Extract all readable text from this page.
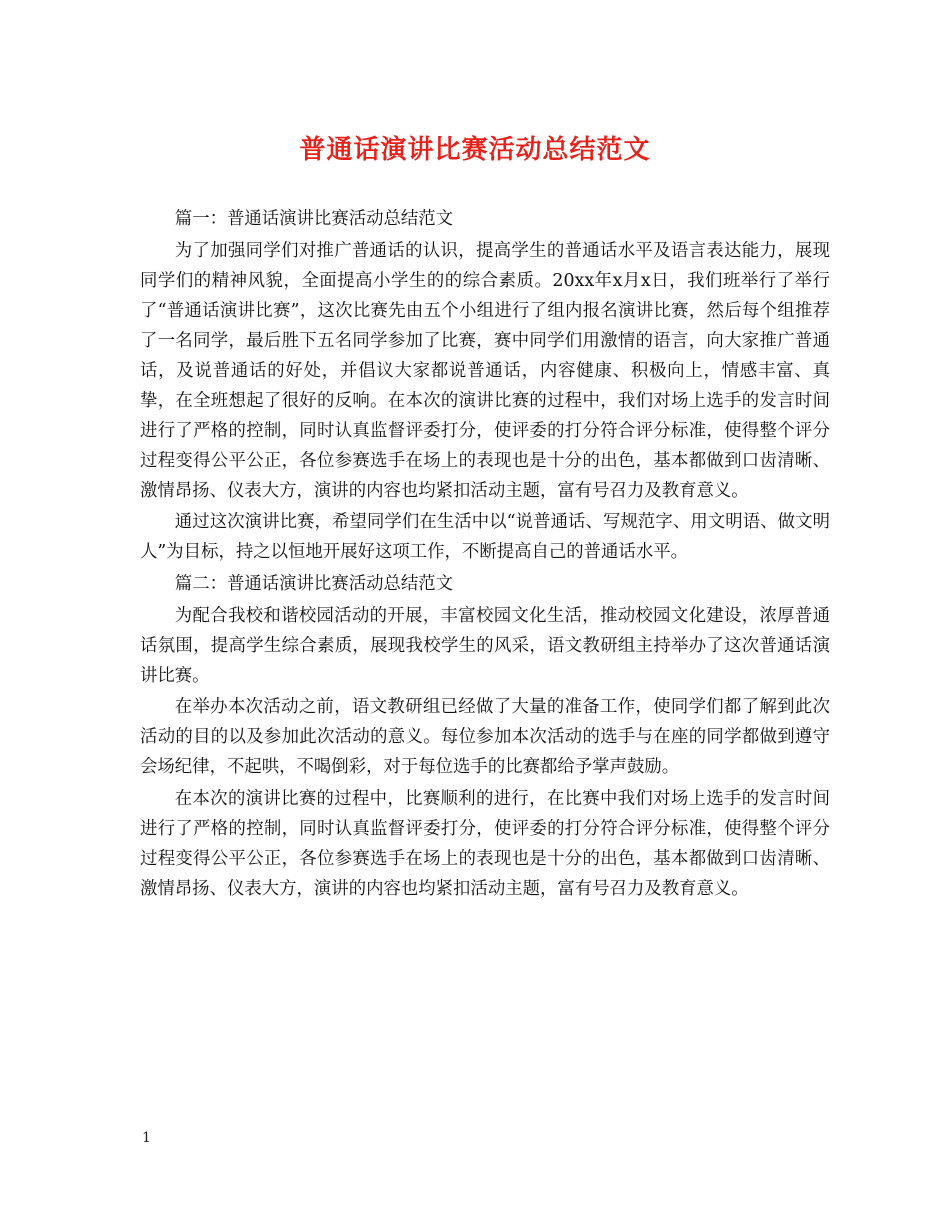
普通话演讲比赛活动总结范文

篇一：普通话演讲比赛活动总结范文

为了加强同学们对推广普通话的认识，提高学生的普通话水平及语言表达能力，展现同学们的精神风貌，全面提高小学生的的综合素质。20xx年x月x日，我们班举行了举行了“普通话演讲比赛”，这次比赛先由五个小组进行了组内报名演讲比赛，然后每个组推荐了一名同学，最后胜下五名同学参加了比赛，赛中同学们用激情的语言，向大家推广普通话，及说普通话的好处，并倡议大家都说普通话，内容健康、积极向上，情感丰富、真挚，在全班想起了很好的反响。在本次的演讲比赛的过程中，我们对场上选手的发言时间进行了严格的控制，同时认真监督评委打分，使评委的打分符合评分标准，使得整个评分过程变得公平公正，各位参赛选手在场上的表现也是十分的出色，基本都做到口齿清晰、激情昂扬、仪表大方，演讲的内容也均紧扣活动主题，富有号召力及教育意义。

通过这次演讲比赛，希望同学们在生活中以“说普通话、写规范字、用文明语、做文明人”为目标，持之以恒地开展好这项工作，不断提高自己的普通话水平。

篇二：普通话演讲比赛活动总结范文

为配合我校和谐校园活动的开展，丰富校园文化生活，推动校园文化建设，浓厚普通话氛围，提高学生综合素质，展现我校学生的风采，语文教研组主持举办了这次普通话演讲比赛。

在举办本次活动之前，语文教研组已经做了大量的准备工作，使同学们都了解到此次活动的目的以及参加此次活动的意义。每位参加本次活动的选手与在座的同学都做到遵守会场纪律，不起哄，不喝倒彩，对于每位选手的比赛都给予掌声鼓励。

在本次的演讲比赛的过程中，比赛顺利的进行，在比赛中我们对场上选手的发言时间进行了严格的控制，同时认真监督评委打分，使评委的打分符合评分标准，使得整个评分过程变得公平公正，各位参赛选手在场上的表现也是十分的出色，基本都做到口齿清晰、激情昂扬、仪表大方，演讲的内容也均紧扣活动主题，富有号召力及教育意义。

1
